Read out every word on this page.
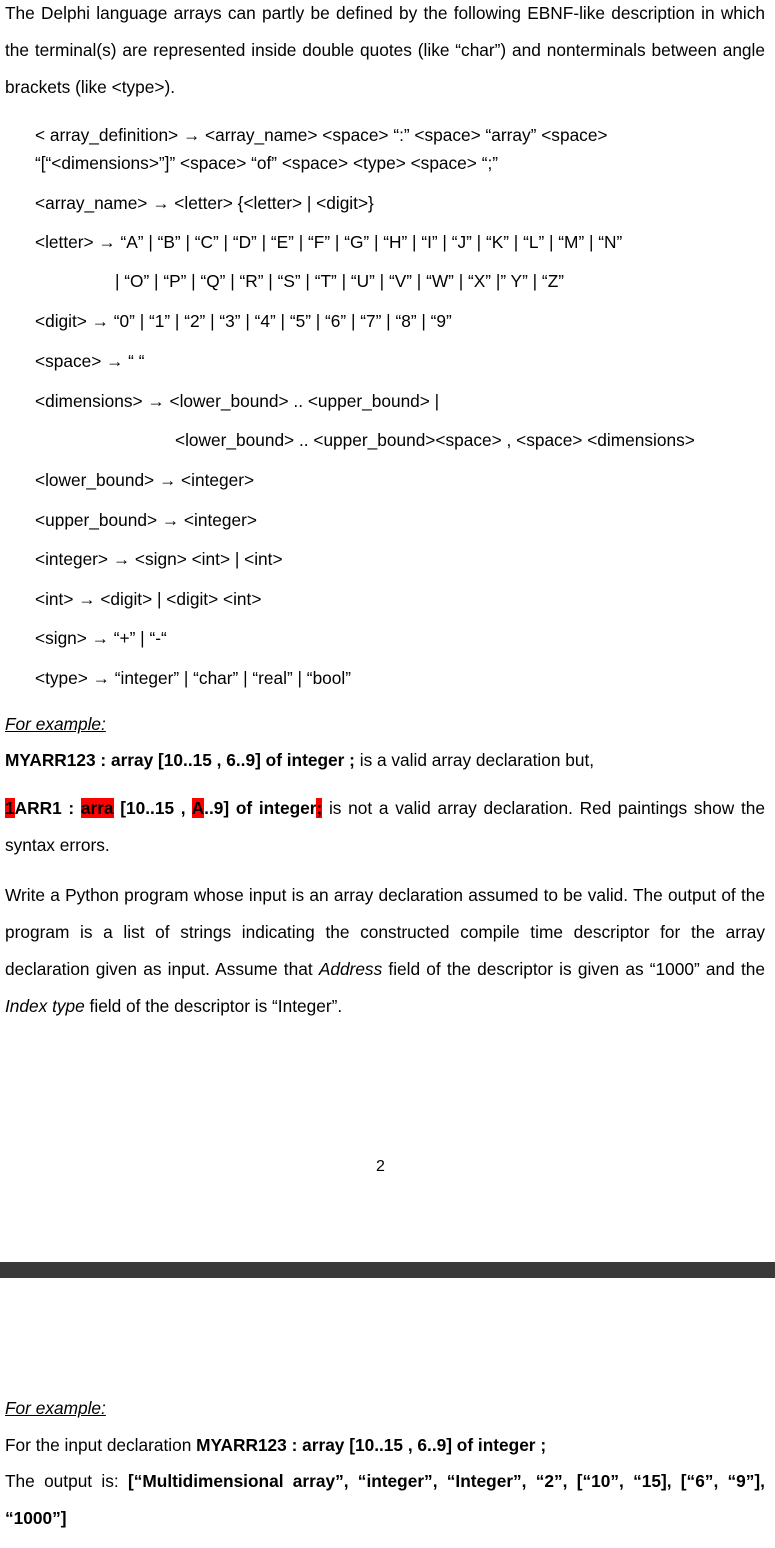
The Delphi language arrays can partly be defined by the following EBNF-like description in which the terminal(s) are represented inside double quotes (like “char”) and nonterminals between angle brackets (like <type>).
< array_definition> → <array_name> <space> “:” <space> “array” <space>
“[“<dimensions>”]” <space> “of” <space> <type> <space> “;”
<array_name> → <letter> {<letter> | <digit>}
<letter> → “A” | “B” | “C” | “D” | “E” | “F” | “G” | “H” | “I” | “J” | “K” | “L” | “M” | “N”
| “O” | “P” | “Q” | “R” | “S” | “T” | “U” | “V” | “W” | “X” |” Y” | “Z”
<digit> → “0” | “1” | “2” | “3” | “4” | “5” | “6” | “7” | “8” | “9”
<space> → “ “
<dimensions> → <lower_bound> .. <upper_bound> |
<lower_bound> .. <upper_bound><space> , <space> <dimensions>
<lower_bound> → <integer>
<upper_bound> → <integer>
<integer> → <sign> <int> | <int>
<int> → <digit> | <digit> <int>
<sign> → “+” | “-“
<type> → “integer” | “char” | “real” | “bool”
For example:
MYARR123 : array [10..15 , 6..9] of integer ; is a valid array declaration but,
1ARR1 : arra [10..15 , A..9] of integer; is not a valid array declaration. Red paintings show the syntax errors.
Write a Python program whose input is an array declaration assumed to be valid. The output of the program is a list of strings indicating the constructed compile time descriptor for the array declaration given as input. Assume that Address field of the descriptor is given as “1000” and the Index type field of the descriptor is “Integer”.
2
For example:
For the input declaration MYARR123 : array [10..15 , 6..9] of integer ;
The output is: [“Multidimensional array”, “integer”, “Integer”, “2”, [“10”, “15], [“6”, “9”], “1000”]
